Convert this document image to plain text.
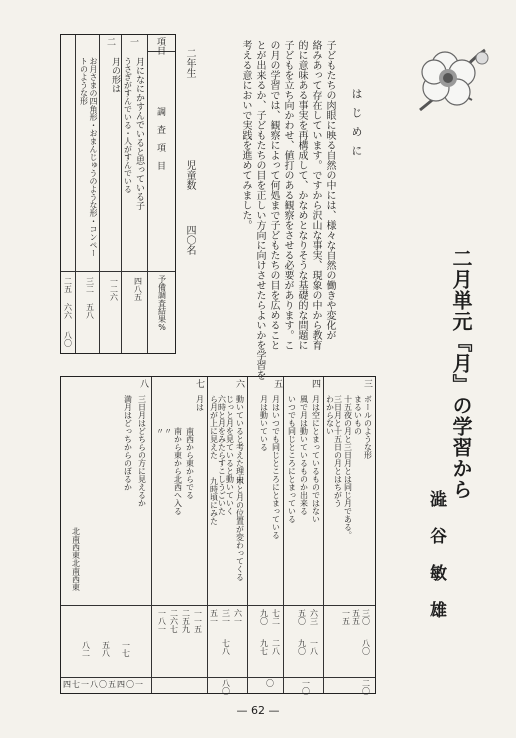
二月単元『月』の学習から
澁谷敏雄
はじめに
子どもたちの肉眼に映る自然の中には、様々な自然の働きや変化が
絡みあって存在しています。ですから沢山な事実、現象の中から教育
的に意味ある事実を再構成して、かなめとなりそうな基礎的な問題に
子どもを立ち向かわせ、値打のある観察をさせる必要があります。こ
の月の学習では、観察によって何処まで子どもたちの目を広めること
とが出来るか、子どもたちの目を正しい方向に向けさせたらよいかを学習を
考える意においで実践を進めてみました。
二年生
児童数
四〇名
項目
調査項目
予備調査結果%
一
月になにかすんでいると思っている子
うさぎがすんでいる・人がすんでいる
四八五
二
月の形は
お月さまの四角形・おまんじゅうのような形・コンペートのような形
一二六
三二
五八
二五
六六
八〇
三
ボールのような形
まるいもの
十五夜の月と三日月とは同じ月である。
三日月と十五日の月とはちがう
わからない
三〇
五五
一五
八〇
二〇
四
月は空にとまっているものではない
風で月は動いているものか出来る
いつでも同じところにとまっている
六三
五〇
一八
九〇
一〇
五
月はいつでも同じところにとまっている
月は動いている
七二
九〇
二八
九七
〇
六
動いていると考えた理由
じっと月を見ていると動いていく
木と月の位置が変わってくる
六時と月をみたらすこしうごいた
ら月が上に見えた
九時頃にみた
六一
三一
五一
七八
八〇
七
月は
南西から東からでる
南から東から北西へ入る
〃
〃
一一五
二五九
二六七
一八一
八
三日月はどちらの方に見えるか
満月はどっちからのぼるか
北南西東北南西東
一七
五八
八二
四七一八〇五四〇一
— 62 —
